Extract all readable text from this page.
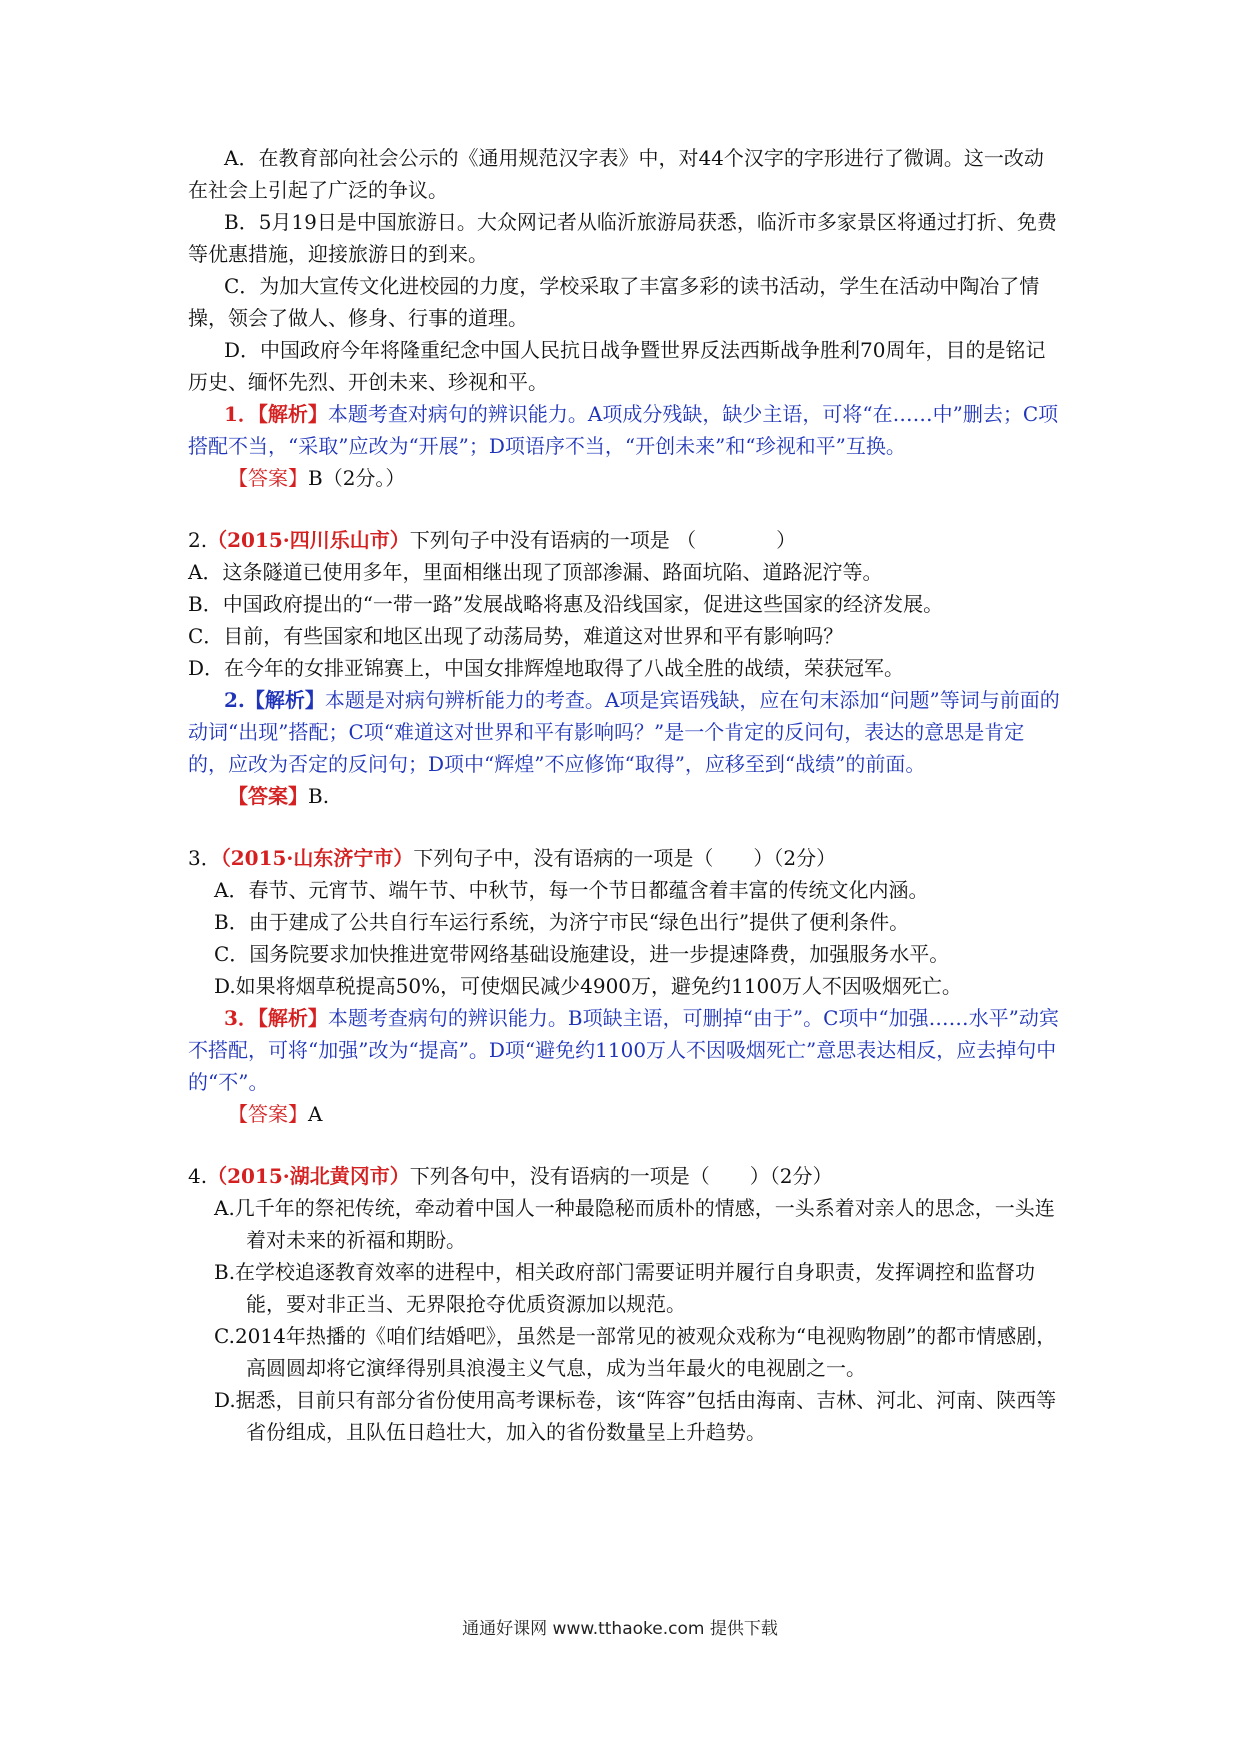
A．在教育部向社会公示的《通用规范汉字表》中，对44个汉字的字形进行了微调。这一改动在社会上引起了广泛的争议。

B．5月19日是中国旅游日。大众网记者从临沂旅游局获悉，临沂市多家景区将通过打折、免费等优惠措施，迎接旅游日的到来。

C．为加大宣传文化进校园的力度，学校采取了丰富多彩的读书活动，学生在活动中陶冶了情操，领会了做人、修身、行事的道理。

D．中国政府今年将隆重纪念中国人民抗日战争暨世界反法西斯战争胜利70周年，目的是铭记历史、缅怀先烈、开创未来、珍视和平。

1．【解析】本题考查对病句的辨识能力。A项成分残缺，缺少主语，可将“在……中”删去；C项搭配不当，“采取”应改为“开展”；D项语序不当，“开创未来”和“珍视和平”互换。

【答案】B（2分。）

2.（2015·四川乐山市）下列句子中没有语病的一项是 （　　　　）

A．这条隧道已使用多年，里面相继出现了顶部渗漏、路面坑陷、道路泥泞等。

B．中国政府提出的“一带一路”发展战略将惠及沿线国家，促进这些国家的经济发展。

C．目前，有些国家和地区出现了动荡局势，难道这对世界和平有影响吗？

D．在今年的女排亚锦赛上，中国女排辉煌地取得了八战全胜的战绩，荣获冠军。

2.【解析】本题是对病句辨析能力的考查。A项是宾语残缺，应在句末添加“问题”等词与前面的动词“出现”搭配；C项“难道这对世界和平有影响吗？”是一个肯定的反问句，表达的意思是肯定的，应改为否定的反问句；D项中“辉煌”不应修饰“取得”，应移至到“战绩”的前面。

【答案】B.

3．（2015·山东济宁市）下列句子中，没有语病的一项是（　　）（2分）

A．春节、元宵节、端午节、中秋节，每一个节日都蕴含着丰富的传统文化内涵。

B．由于建成了公共自行车运行系统，为济宁市民“绿色出行”提供了便利条件。

C．国务院要求加快推进宽带网络基础设施建设，进一步提速降费，加强服务水平。

D.如果将烟草税提高50%，可使烟民减少4900万，避免约1100万人不因吸烟死亡。

3．【解析】本题考查病句的辨识能力。B项缺主语，可删掉“由于”。C项中“加强……水平”动宾不搭配，可将“加强”改为“提高”。D项“避免约1100万人不因吸烟死亡”意思表达相反，应去掉句中的“不”。

【答案】A

4.（2015·湖北黄冈市）下列各句中，没有语病的一项是（　　）（2分）

A.几千年的祭祀传统，牵动着中国人一种最隐秘而质朴的情感，一头系着对亲人的思念，一头连着对未来的祈福和期盼。

B.在学校追逐教育效率的进程中，相关政府部门需要证明并履行自身职责，发挥调控和监督功能，要对非正当、无界限抢夺优质资源加以规范。

C.2014年热播的《咱们结婚吧》，虽然是一部常见的被观众戏称为“电视购物剧”的都市情感剧，高圆圆却将它演绎得别具浪漫主义气息，成为当年最火的电视剧之一。

D.据悉，目前只有部分省份使用高考课标卷，该“阵容”包括由海南、吉林、河北、河南、陕西等省份组成，且队伍日趋壮大，加入的省份数量呈上升趋势。

通通好课网 www.tthaoke.com 提供下载
